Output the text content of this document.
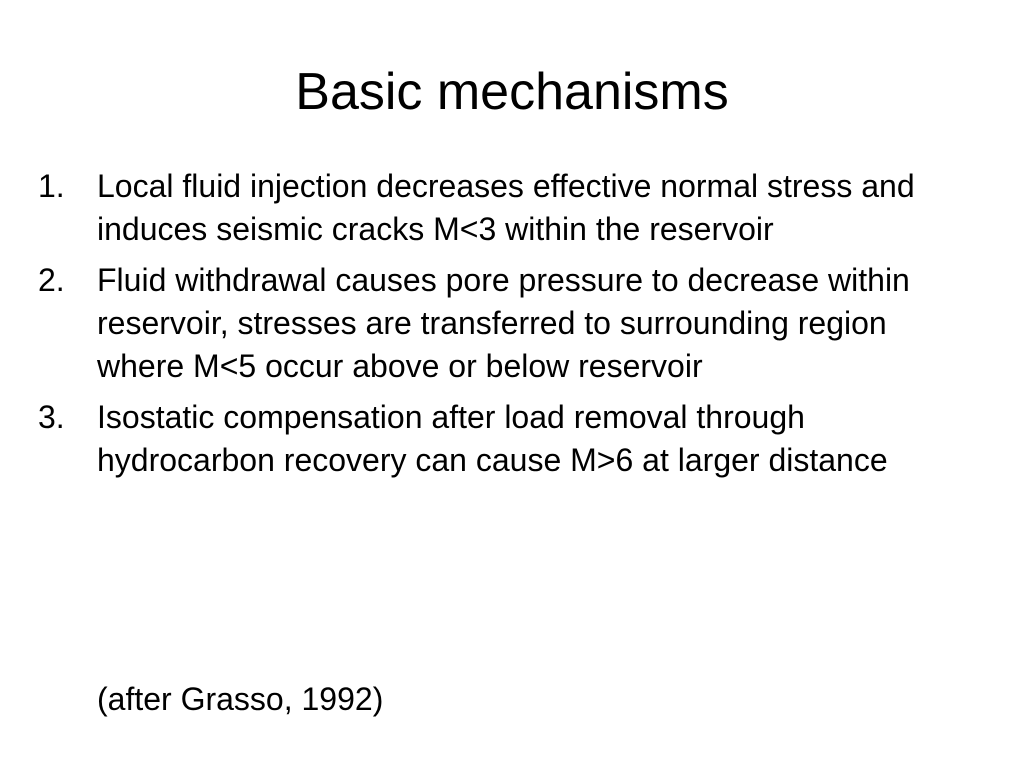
Basic mechanisms
1. Local fluid injection decreases effective normal stress and induces seismic cracks M<3 within the reservoir
2. Fluid withdrawal causes pore pressure to decrease within reservoir, stresses are transferred to surrounding region where M<5 occur above or below reservoir
3. Isostatic compensation after load removal through hydrocarbon recovery can cause M>6 at larger distance
(after Grasso, 1992)
